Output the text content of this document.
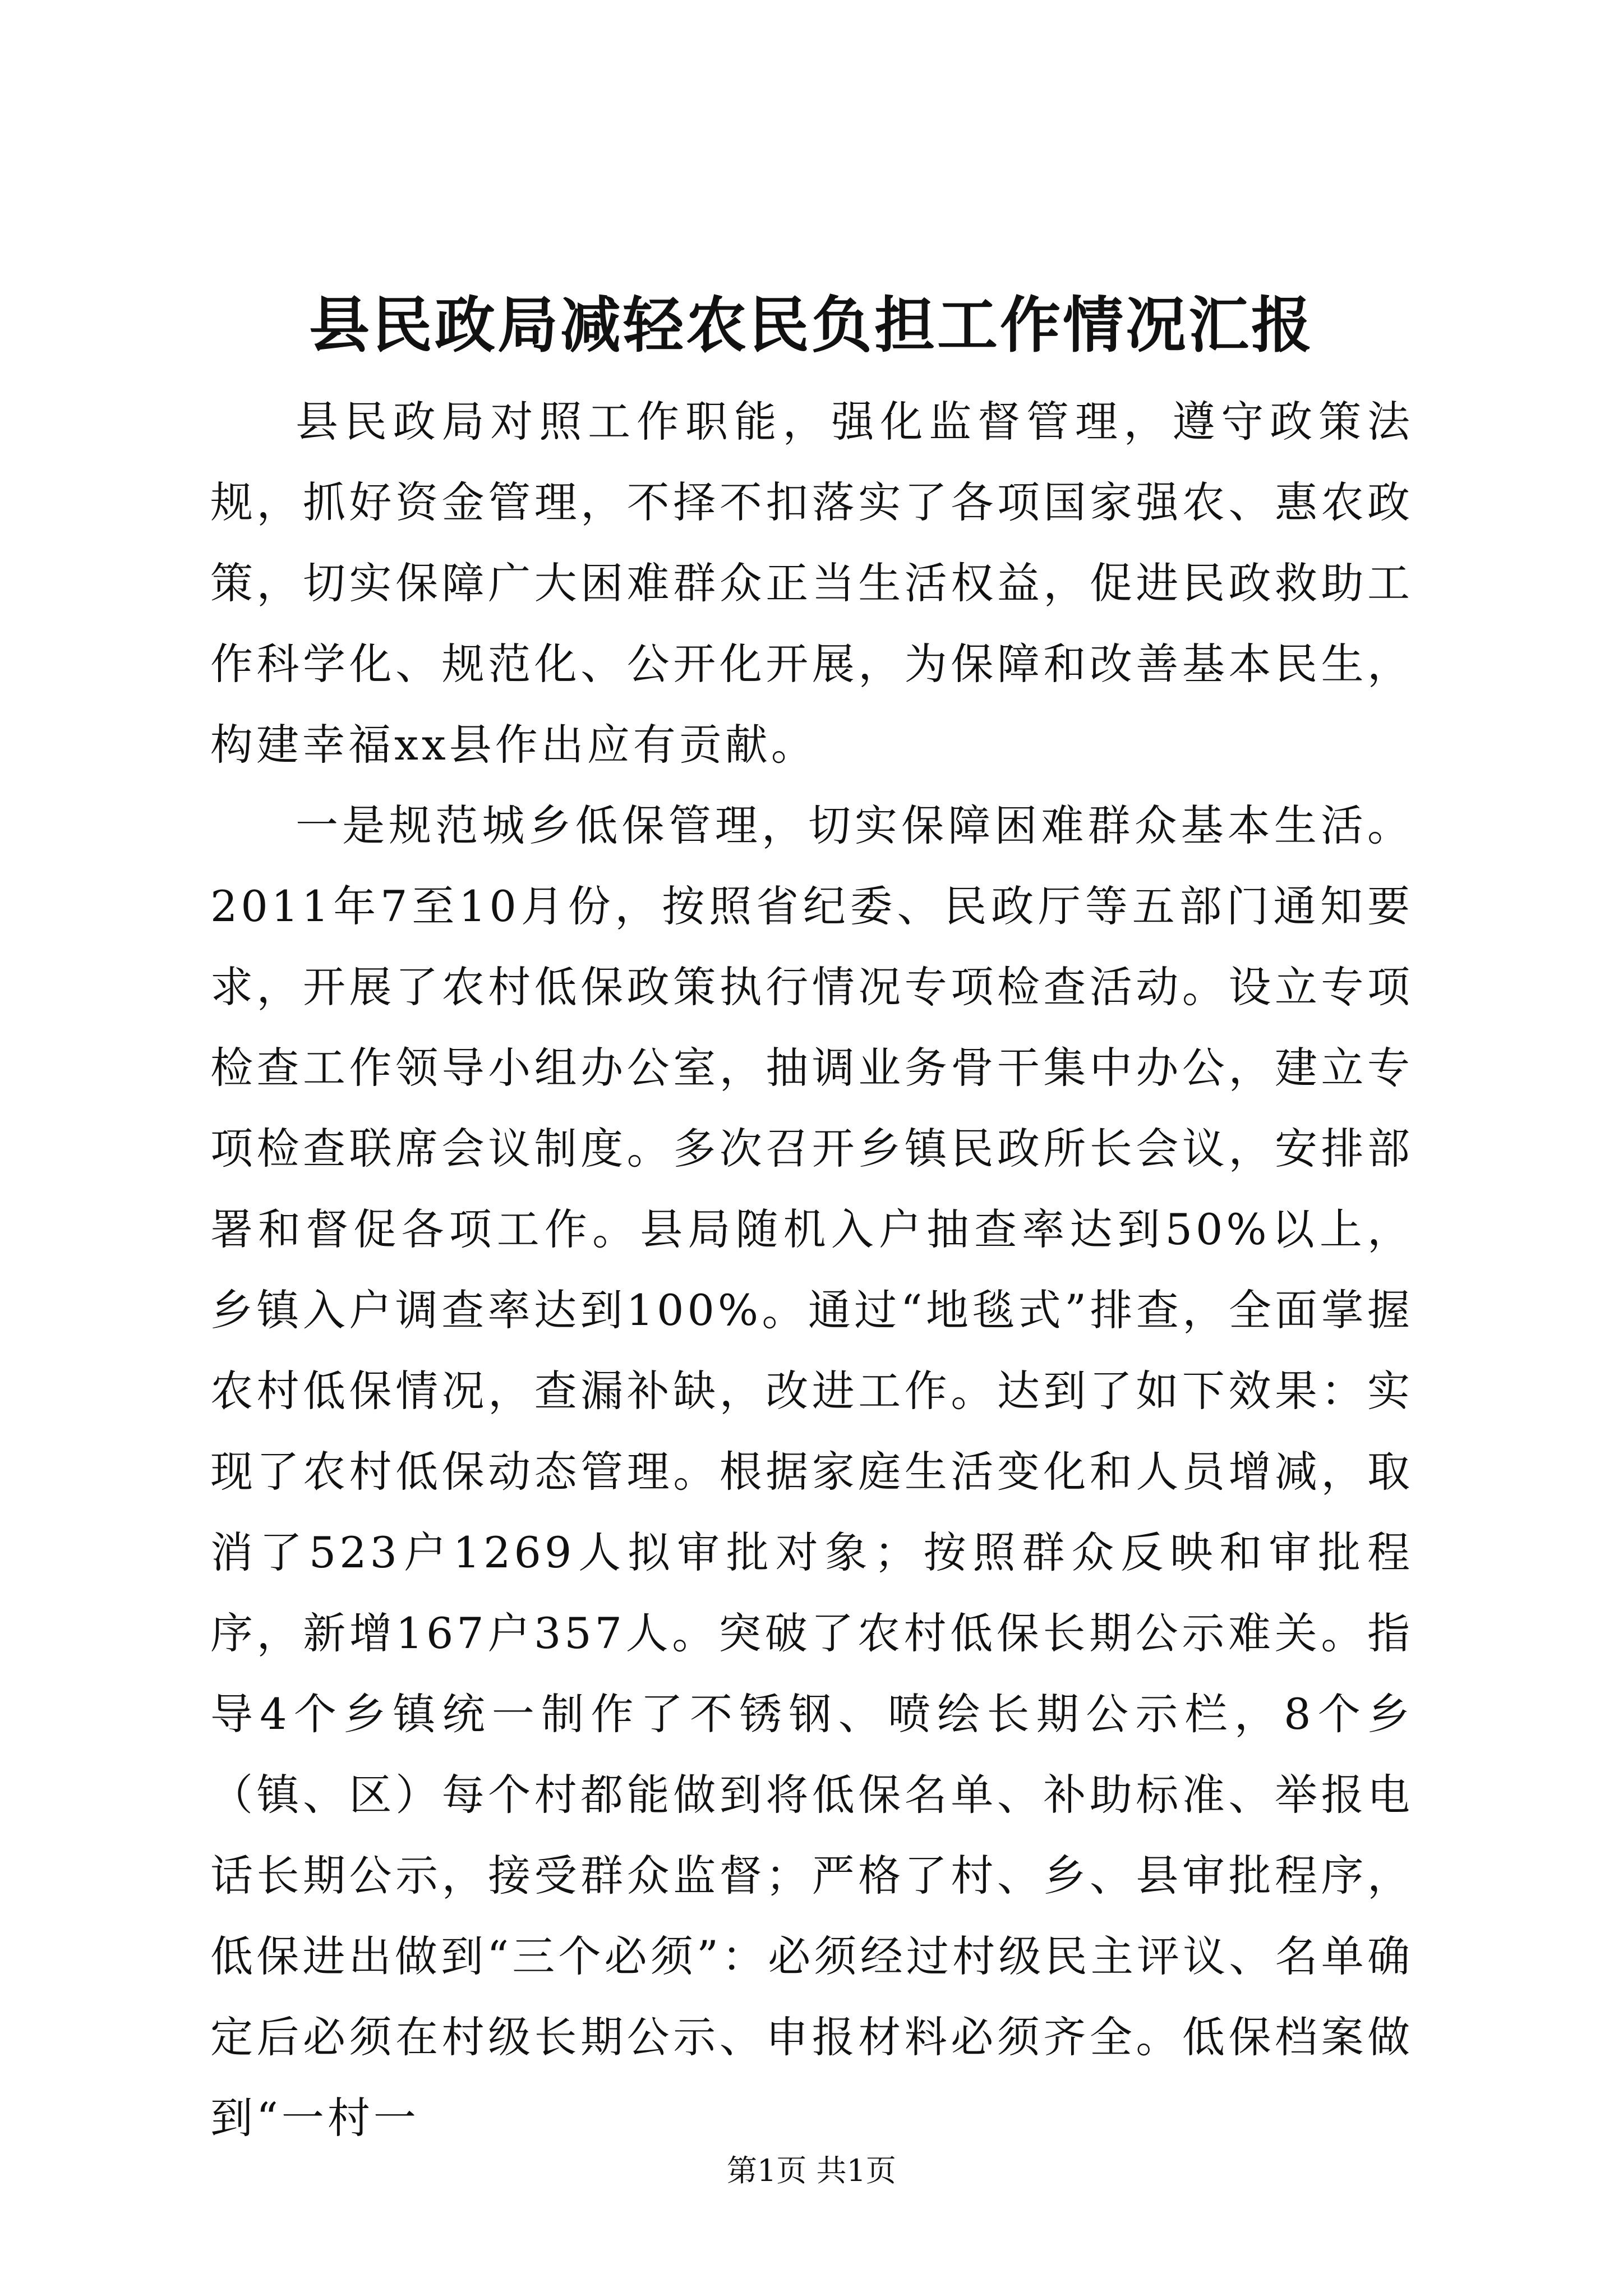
县民政局减轻农民负担工作情况汇报

县民政局对照工作职能，强化监督管理，遵守政策法规，抓好资金管理，不择不扣落实了各项国家强农、惠农政策，切实保障广大困难群众正当生活权益，促进民政救助工作科学化、规范化、公开化开展，为保障和改善基本民生，构建幸福xx县作出应有贡献。

一是规范城乡低保管理，切实保障困难群众基本生活。2011年7至10月份，按照省纪委、民政厅等五部门通知要求，开展了农村低保政策执行情况专项检查活动。设立专项检查工作领导小组办公室，抽调业务骨干集中办公，建立专项检查联席会议制度。多次召开乡镇民政所长会议，安排部署和督促各项工作。县局随机入户抽查率达到50%以上，乡镇入户调查率达到100%。通过“地毯式”排查，全面掌握农村低保情况，查漏补缺，改进工作。达到了如下效果：实现了农村低保动态管理。根据家庭生活变化和人员增减，取消了523户1269人拟审批对象；按照群众反映和审批程序，新增167户357人。突破了农村低保长期公示难关。指导4个乡镇统一制作了不锈钢、喷绘长期公示栏，8个乡（镇、区）每个村都能做到将低保名单、补助标准、举报电话长期公示，接受群众监督；严格了村、乡、县审批程序，低保进出做到“三个必须”：必须经过村级民主评议、名单确定后必须在村级长期公示、申报材料必须齐全。低保档案做到“一村一

第1页 共1页
